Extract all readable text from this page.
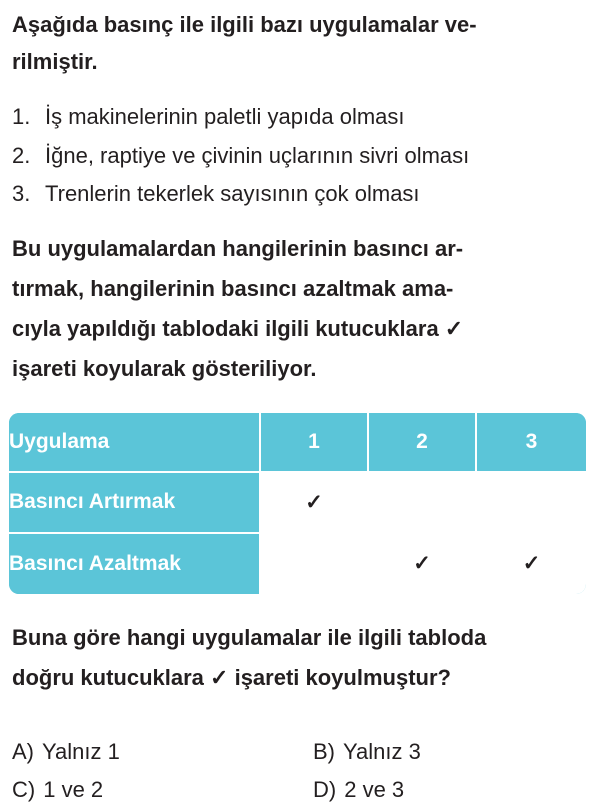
Aşağıda basınç ile ilgili bazı uygulamalar ve-
rilmiştir.
1. İş makinelerinin paletli yapıda olması
2. İğne, raptiye ve çivinin uçlarının sivri olması
3. Trenlerin tekerlek sayısının çok olması
Bu uygulamalardan hangilerinin basıncı ar-
tırmak, hangilerinin basıncı azaltmak ama-
cıyla yapıldığı tablodaki ilgili kutucuklara ✓
işareti koyularak gösteriliyor.
Uygulama	1	2	3
Basıncı Artırmak	✓		
Basıncı Azaltmak		✓	✓
Buna göre hangi uygulamalar ile ilgili tabloda
doğru kutucuklara ✓ işareti koyulmuştur?
A) Yalnız 1	B) Yalnız 3
C) 1 ve 2	D) 2 ve 3
